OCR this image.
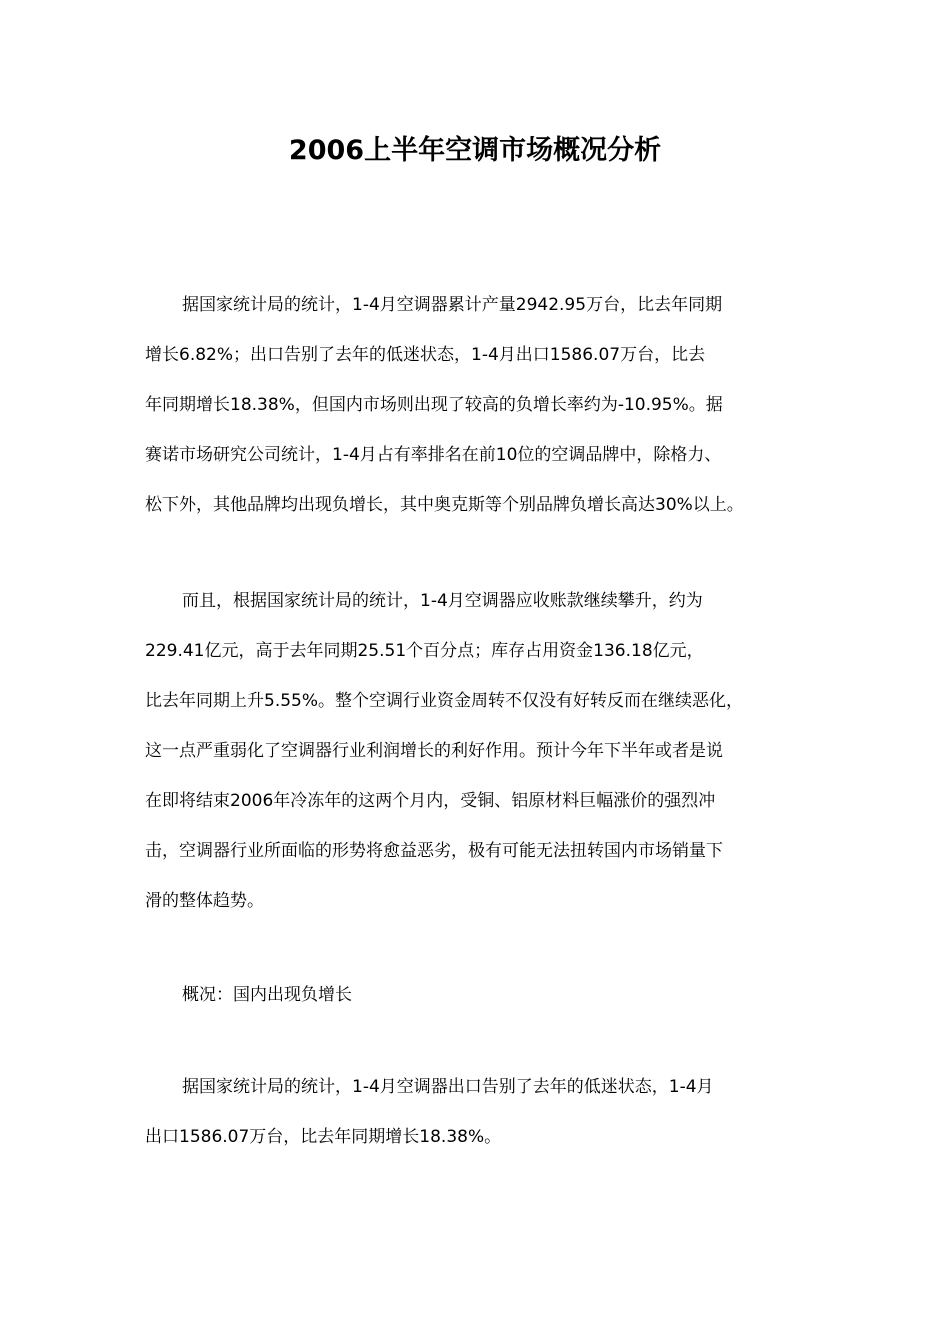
2006上半年空调市场概况分析
据国家统计局的统计，1-4月空调器累计产量2942.95万台，比去年同期
增长6.82%；出口告别了去年的低迷状态，1-4月出口1586.07万台，比去
年同期增长18.38%，但国内市场则出现了较高的负增长率约为-10.95%。据
赛诺市场研究公司统计，1-4月占有率排名在前10位的空调品牌中，除格力、
松下外，其他品牌均出现负增长，其中奥克斯等个别品牌负增长高达30%以上。
而且，根据国家统计局的统计，1-4月空调器应收账款继续攀升，约为
229.41亿元，高于去年同期25.51个百分点；库存占用资金136.18亿元，
比去年同期上升5.55%。整个空调行业资金周转不仅没有好转反而在继续恶化，
这一点严重弱化了空调器行业利润增长的利好作用。预计今年下半年或者是说
在即将结束2006年冷冻年的这两个月内，受铜、铝原材料巨幅涨价的强烈冲
击，空调器行业所面临的形势将愈益恶劣，极有可能无法扭转国内市场销量下
滑的整体趋势。
概况：国内出现负增长
据国家统计局的统计，1-4月空调器出口告别了去年的低迷状态，1-4月
出口1586.07万台，比去年同期增长18.38%。
